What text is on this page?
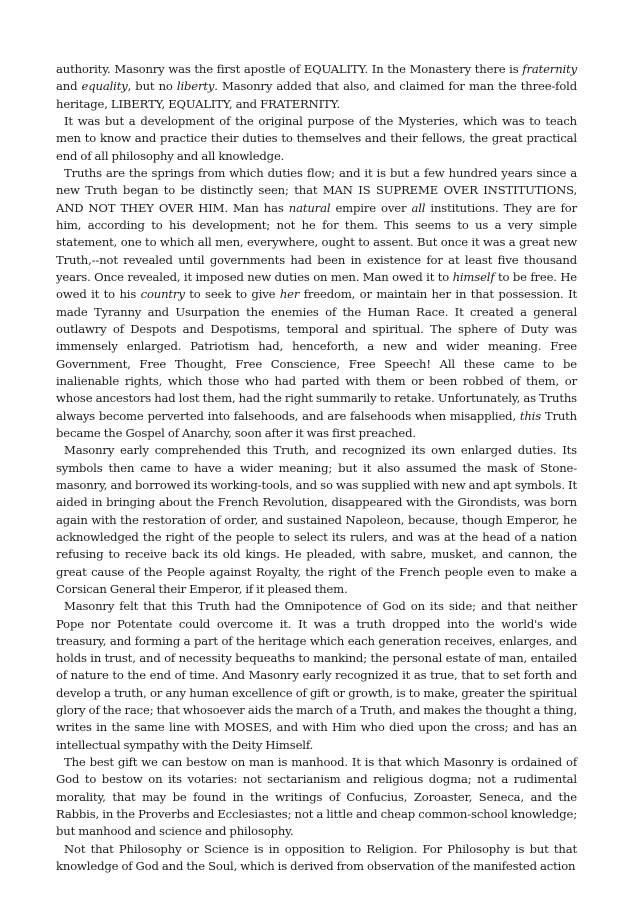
authority. Masonry was the first apostle of EQUALITY. In the Monastery there is fraternity and equality, but no liberty. Masonry added that also, and claimed for man the three-fold heritage, LIBERTY, EQUALITY, and FRATERNITY.

It was but a development of the original purpose of the Mysteries, which was to teach men to know and practice their duties to themselves and their fellows, the great practical end of all philosophy and all knowledge.

Truths are the springs from which duties flow; and it is but a few hundred years since a new Truth began to be distinctly seen; that MAN IS SUPREME OVER INSTITUTIONS, AND NOT THEY OVER HIM. Man has natural empire over all institutions. They are for him, according to his development; not he for them. This seems to us a very simple statement, one to which all men, everywhere, ought to assent. But once it was a great new Truth,--not revealed until governments had been in existence for at least five thousand years. Once revealed, it imposed new duties on men. Man owed it to himself to be free. He owed it to his country to seek to give her freedom, or maintain her in that possession. It made Tyranny and Usurpation the enemies of the Human Race. It created a general outlawry of Despots and Despotisms, temporal and spiritual. The sphere of Duty was immensely enlarged. Patriotism had, henceforth, a new and wider meaning. Free Government, Free Thought, Free Conscience, Free Speech! All these came to be inalienable rights, which those who had parted with them or been robbed of them, or whose ancestors had lost them, had the right summarily to retake. Unfortunately, as Truths always become perverted into falsehoods, and are falsehoods when misapplied, this Truth became the Gospel of Anarchy, soon after it was first preached.

Masonry early comprehended this Truth, and recognized its own enlarged duties. Its symbols then came to have a wider meaning; but it also assumed the mask of Stone-masonry, and borrowed its working-tools, and so was supplied with new and apt symbols. It aided in bringing about the French Revolution, disappeared with the Girondists, was born again with the restoration of order, and sustained Napoleon, because, though Emperor, he acknowledged the right of the people to select its rulers, and was at the head of a nation refusing to receive back its old kings. He pleaded, with sabre, musket, and cannon, the great cause of the People against Royalty, the right of the French people even to make a Corsican General their Emperor, if it pleased them.

Masonry felt that this Truth had the Omnipotence of God on its side; and that neither Pope nor Potentate could overcome it. It was a truth dropped into the world's wide treasury, and forming a part of the heritage which each generation receives, enlarges, and holds in trust, and of necessity bequeaths to mankind; the personal estate of man, entailed of nature to the end of time. And Masonry early recognized it as true, that to set forth and develop a truth, or any human excellence of gift or growth, is to make, greater the spiritual glory of the race; that whosoever aids the march of a Truth, and makes the thought a thing, writes in the same line with MOSES, and with Him who died upon the cross; and has an intellectual sympathy with the Deity Himself.

The best gift we can bestow on man is manhood. It is that which Masonry is ordained of God to bestow on its votaries: not sectarianism and religious dogma; not a rudimental morality, that may be found in the writings of Confucius, Zoroaster, Seneca, and the Rabbis, in the Proverbs and Ecclesiastes; not a little and cheap common-school knowledge; but manhood and science and philosophy.

Not that Philosophy or Science is in opposition to Religion. For Philosophy is but that knowledge of God and the Soul, which is derived from observation of the manifested action
